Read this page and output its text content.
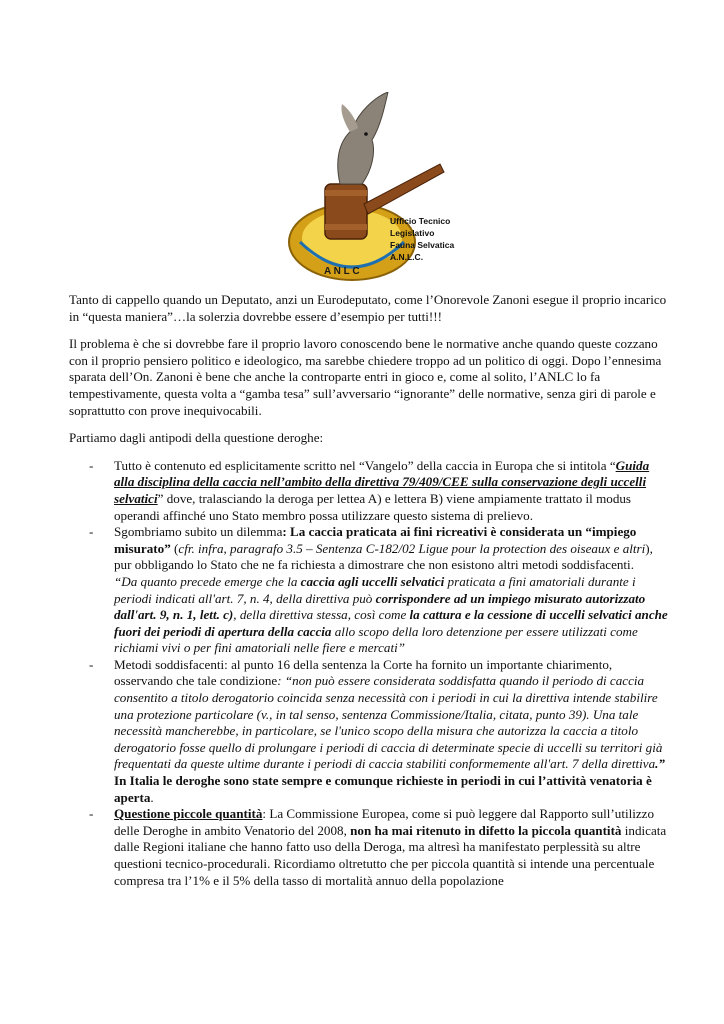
A N L C
Ufficio Tecnico
Legislativo
Fauna Selvatica
A.N.L.C.

Tanto di cappello quando un Deputato, anzi un Eurodeputato, come l’Onorevole Zanoni esegue il proprio incarico in “questa maniera”…la solerzia dovrebbe essere d’esempio per tutti!!!

Il problema è che si dovrebbe fare il proprio lavoro conoscendo bene le normative anche quando queste cozzano con il proprio pensiero politico e ideologico, ma sarebbe chiedere troppo ad un politico di oggi. Dopo l’ennesima sparata dell’On. Zanoni è bene che anche la controparte entri in gioco e, come al solito, l’ANLC lo fa tempestivamente, questa volta a “gamba tesa” sull’avversario “ignorante” delle normative, senza giri di parole e soprattutto con prove inequivocabili.

Partiamo dagli antipodi della questione deroghe:

- Tutto è contenuto ed esplicitamente scritto nel “Vangelo” della caccia in Europa che si intitola “Guida alla disciplina della caccia nell’ambito della direttiva 79/409/CEE sulla conservazione degli uccelli selvatici” dove, tralasciando la deroga per lettea A) e lettera B) viene ampiamente trattato il modus operandi affinché uno Stato membro possa utilizzare questo sistema di prelievo.
- Sgombriamo subito un dilemma: La caccia praticata ai fini ricreativi è considerata un “impiego misurato” (cfr. infra, paragrafo 3.5 – Sentenza C-182/02 Ligue pour la protection des oiseaux e altri), pur obbligando lo Stato che ne fa richiesta a dimostrare che non esistono altri metodi soddisfacenti.
“Da quanto precede emerge che la caccia agli uccelli selvatici praticata a fini amatoriali durante i periodi indicati all'art. 7, n. 4, della direttiva può corrispondere ad un impiego misurato autorizzato dall'art. 9, n. 1, lett. c), della direttiva stessa, così come la cattura e la cessione di uccelli selvatici anche fuori dei periodi di apertura della caccia allo scopo della loro detenzione per essere utilizzati come richiami vivi o per fini amatoriali nelle fiere e mercati”
- Metodi soddisfacenti: al punto 16 della sentenza la Corte ha fornito un importante chiarimento, osservando che tale condizione: “non può essere considerata soddisfatta quando il periodo di caccia consentito a titolo derogatorio coincida senza necessità con i periodi in cui la direttiva intende stabilire una protezione particolare (v., in tal senso, sentenza Commissione/Italia, citata, punto 39). Una tale necessità mancherebbe, in particolare, se l'unico scopo della misura che autorizza la caccia a titolo derogatorio fosse quello di prolungare i periodi di caccia di determinate specie di uccelli su territori già frequentati da queste ultime durante i periodi di caccia stabiliti conformemente all'art. 7 della direttiva.” In Italia le deroghe sono state sempre e comunque richieste in periodi in cui l’attività venatoria è aperta.
- Questione piccole quantità: La Commissione Europea, come si può leggere dal Rapporto sull’utilizzo delle Deroghe in ambito Venatorio del 2008, non ha mai ritenuto in difetto la piccola quantità indicata dalle Regioni italiane che hanno fatto uso della Deroga, ma altresì ha manifestato perplessità su altre questioni tecnico-procedurali. Ricordiamo oltretutto che per piccola quantità si intende una percentuale compresa tra l’1% e il 5% della tasso di mortalità annuo della popolazione
